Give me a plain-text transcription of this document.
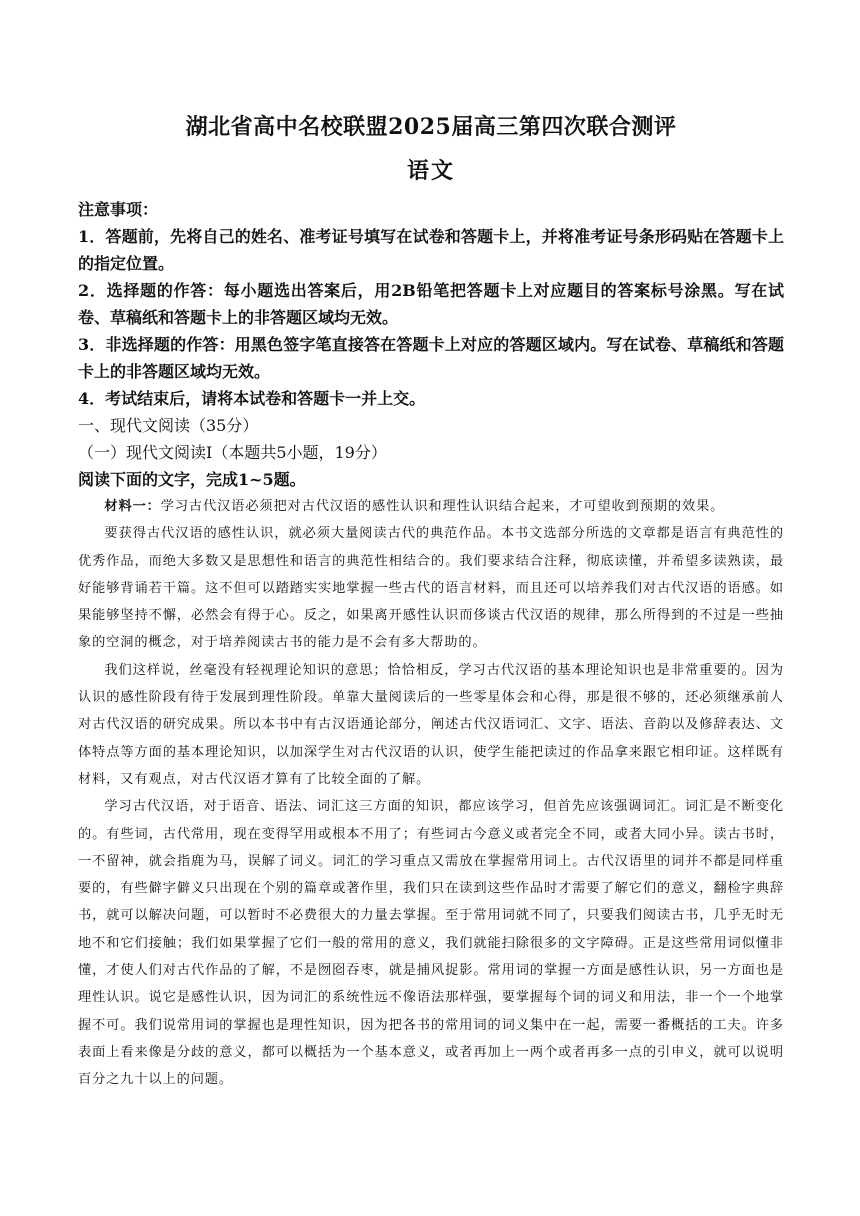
湖北省高中名校联盟2025届高三第四次联合测评
语文

注意事项：

1．答题前，先将自己的姓名、准考证号填写在试卷和答题卡上，并将准考证号条形码贴在答题卡上的指定位置。

2．选择题的作答：每小题选出答案后，用2B铅笔把答题卡上对应题目的答案标号涂黑。写在试卷、草稿纸和答题卡上的非答题区域均无效。

3．非选择题的作答：用黑色签字笔直接答在答题卡上对应的答题区域内。写在试卷、草稿纸和答题卡上的非答题区域均无效。

4．考试结束后，请将本试卷和答题卡一并上交。

一、现代文阅读（35分）

（一）现代文阅读I（本题共5小题，19分）

阅读下面的文字，完成1~5题。

材料一：学习古代汉语必须把对古代汉语的感性认识和理性认识结合起来，才可望收到预期的效果。

要获得古代汉语的感性认识，就必须大量阅读古代的典范作品。本书文选部分所选的文章都是语言有典范性的优秀作品，而绝大多数又是思想性和语言的典范性相结合的。我们要求结合注释，彻底读懂，并希望多读熟读，最好能够背诵若干篇。这不但可以踏踏实实地掌握一些古代的语言材料，而且还可以培养我们对古代汉语的语感。如果能够坚持不懈，必然会有得于心。反之，如果离开感性认识而侈谈古代汉语的规律，那么所得到的不过是一些抽象的空洞的概念，对于培养阅读古书的能力是不会有多大帮助的。

我们这样说，丝毫没有轻视理论知识的意思；恰恰相反，学习古代汉语的基本理论知识也是非常重要的。因为认识的感性阶段有待于发展到理性阶段。单靠大量阅读后的一些零星体会和心得，那是很不够的，还必须继承前人对古代汉语的研究成果。所以本书中有古汉语通论部分，阐述古代汉语词汇、文字、语法、音韵以及修辞表达、文体特点等方面的基本理论知识，以加深学生对古代汉语的认识，使学生能把读过的作品拿来跟它相印证。这样既有材料，又有观点，对古代汉语才算有了比较全面的了解。

学习古代汉语，对于语音、语法、词汇这三方面的知识，都应该学习，但首先应该强调词汇。词汇是不断变化的。有些词，古代常用，现在变得罕用或根本不用了；有些词古今意义或者完全不同，或者大同小异。读古书时，一不留神，就会指鹿为马，误解了词义。词汇的学习重点又需放在掌握常用词上。古代汉语里的词并不都是同样重要的，有些僻字僻义只出现在个别的篇章或著作里，我们只在读到这些作品时才需要了解它们的意义，翻检字典辞书，就可以解决问题，可以暂时不必费很大的力量去掌握。至于常用词就不同了，只要我们阅读古书，几乎无时无地不和它们接触；我们如果掌握了它们一般的常用的意义，我们就能扫除很多的文字障碍。正是这些常用词似懂非懂，才使人们对古代作品的了解，不是囫囵吞枣，就是捕风捉影。常用词的掌握一方面是感性认识，另一方面也是理性认识。说它是感性认识，因为词汇的系统性远不像语法那样强，要掌握每个词的词义和用法，非一个一个地掌握不可。我们说常用词的掌握也是理性知识，因为把各书的常用词的词义集中在一起，需要一番概括的工夫。许多表面上看来像是分歧的意义，都可以概括为一个基本意义，或者再加上一两个或者再多一点的引申义，就可以说明百分之九十以上的问题。
